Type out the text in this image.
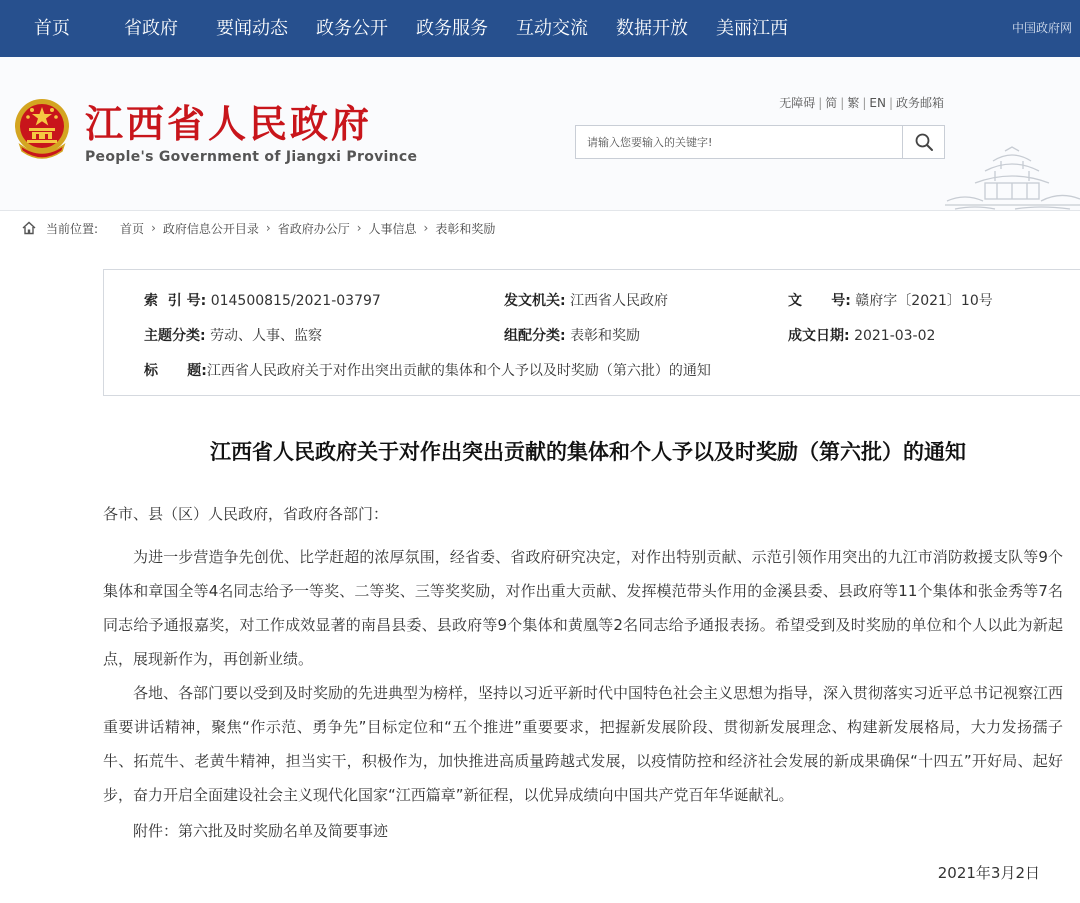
首页	省政府 要闻动态 政务公开 政务服务 互动交流 数据开放 美丽江西	中国政府网
江西省人民政府
People's Government of Jiangxi Province
无障碍 | 简 | 繁 | EN | 政务邮箱
请输入您要输入的关键字!
当前位置: 首页 › 政府信息公开目录 › 省政府办公厅 › 人事信息 › 表彰和奖励
索  引 号: 014500815/2021-03797	发文机关: 江西省人民政府	文      号: 赣府字〔2021〕10号
主题分类: 劳动、人事、监察	组配分类: 表彰和奖励	成文日期: 2021-03-02
标      题:江西省人民政府关于对作出突出贡献的集体和个人予以及时奖励（第六批）的通知
江西省人民政府关于对作出突出贡献的集体和个人予以及时奖励（第六批）的通知

各市、县（区）人民政府，省政府各部门：

为进一步营造争先创优、比学赶超的浓厚氛围，经省委、省政府研究决定，对作出特别贡献、示范引领作用突出的九江市消防救援支队等9个集体和章国全等4名同志给予一等奖、二等奖、三等奖奖励，对作出重大贡献、发挥模范带头作用的金溪县委、县政府等11个集体和张金秀等7名同志给予通报嘉奖，对工作成效显著的南昌县委、县政府等9个集体和黄凰等2名同志给予通报表扬。希望受到及时奖励的单位和个人以此为新起点，展现新作为，再创新业绩。

各地、各部门要以受到及时奖励的先进典型为榜样，坚持以习近平新时代中国特色社会主义思想为指导，深入贯彻落实习近平总书记视察江西重要讲话精神，聚焦“作示范、勇争先”目标定位和“五个推进”重要要求，把握新发展阶段、贯彻新发展理念、构建新发展格局，大力发扬孺子牛、拓荒牛、老黄牛精神，担当实干，积极作为，加快推进高质量跨越式发展，以疫情防控和经济社会发展的新成果确保“十四五”开好局、起好步，奋力开启全面建设社会主义现代化国家“江西篇章”新征程，以优异成绩向中国共产党百年华诞献礼。

附件：第六批及时奖励名单及简要事迹

2021年3月2日
